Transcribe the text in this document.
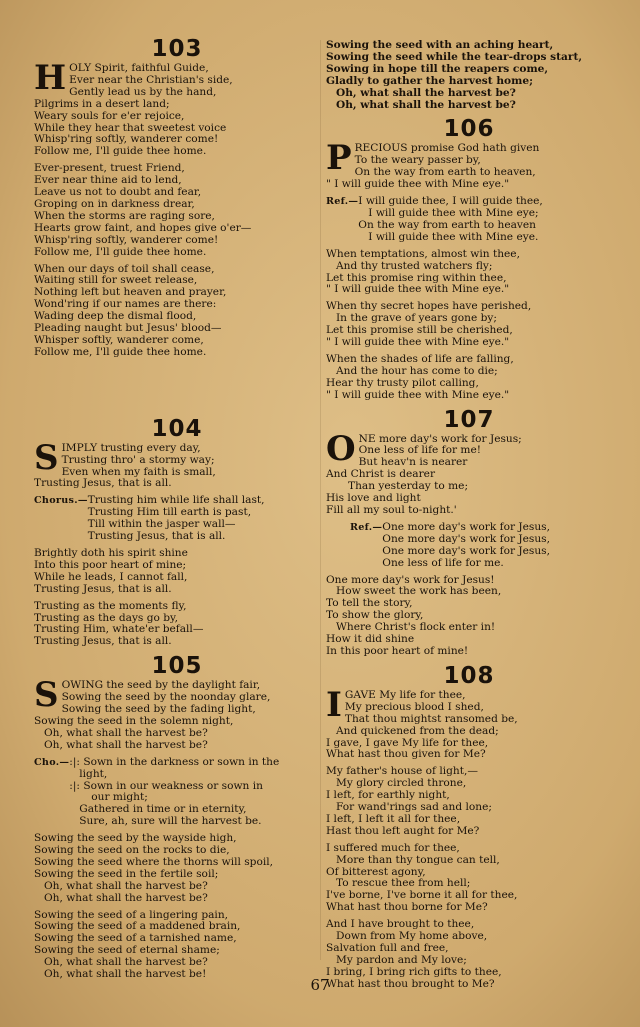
103
HOLY Spirit, faithful Guide,
Ever near the Christian's side,
Gently lead us by the hand,
Pilgrims in a desert land;
Weary souls for e'er rejoice,
While they hear that sweetest voice
Whisp'ring softly, wanderer come!
Follow me, I'll guide thee home.
Ever-present, truest Friend,
Ever near thine aid to lend,
Leave us not to doubt and fear,
Groping on in darkness drear,
When the storms are raging sore,
Hearts grow faint, and hopes give o'er—
Whisp'ring softly, wanderer come!
Follow me, I'll guide thee home.
When our days of toil shall cease,
Waiting still for sweet release,
Nothing left but heaven and prayer,
Wond'ring if our names are there:
Wading deep the dismal flood,
Pleading naught but Jesus' blood—
Whisper softly, wanderer come,
Follow me, I'll guide thee home.
104
SIMPLY trusting every day,
Trusting thro' a stormy way;
Even when my faith is small,
Trusting Jesus, that is all.
Chorus.— Trusting him while life shall last,
Trusting Him till earth is past,
Till within the jasper wall—
Trusting Jesus, that is all.
Brightly doth his spirit shine
Into this poor heart of mine;
While he leads, I cannot fall,
Trusting Jesus, that is all.
Trusting as the moments fly,
Trusting as the days go by,
Trusting Him, whate'er befall—
Trusting Jesus, that is all.
105
SOWING the seed by the daylight fair,
Sowing the seed by the noonday glare,
Sowing the seed by the fading light,
Sowing the seed in the solemn night,
Oh, what shall the harvest be?
Oh, what shall the harvest be?
Cho.— :|: Sown in the darkness or sown in the
light,
:|: Sown in our weakness or sown in
our might;
Gathered in time or in eternity,
Sure, ah, sure will the harvest be.
Sowing the seed by the wayside high,
Sowing the seed on the rocks to die,
Sowing the seed where the thorns will spoil,
Sowing the seed in the fertile soil;
Oh, what shall the harvest be?
Oh, what shall the harvest be?
Sowing the seed of a lingering pain,
Sowing the seed of a maddened brain,
Sowing the seed of a tarnished name,
Sowing the seed of eternal shame;
Oh, what shall the harvest be?
Oh, what shall the harvest be!
Sowing the seed with an aching heart,
Sowing the seed while the tear-drops start,
Sowing in hope till the reapers come,
Gladly to gather the harvest home;
Oh, what shall the harvest be?
Oh, what shall the harvest be?
106
PRECIOUS promise God hath given
To the weary passer by,
On the way from earth to heaven,
" I will guide thee with Mine eye."
Ref.— I will guide thee, I will guide thee,
I will guide thee with Mine eye;
On the way from earth to heaven
I will guide thee with Mine eye.
When temptations, almost win thee,
And thy trusted watchers fly;
Let this promise ring within thee,
" I will guide thee with Mine eye."
When thy secret hopes have perished,
In the grave of years gone by;
Let this promise still be cherished,
" I will guide thee with Mine eye."
When the shades of life are falling,
And the hour has come to die;
Hear thy trusty pilot calling,
" I will guide thee with Mine eye."
107
ONE more day's work for Jesus;
One less of life for me!
But heav'n is nearer
And Christ is dearer
Than yesterday to me;
His love and light
Fill all my soul to-night.'
Ref.— One more day's work for Jesus,
One more day's work for Jesus,
One more day's work for Jesus,
One less of life for me.
One more day's work for Jesus!
How sweet the work has been,
To tell the story,
To show the glory,
Where Christ's flock enter in!
How it did shine
In this poor heart of mine!
108
IGAVE My life for thee,
My precious blood I shed,
That thou mightst ransomed be,
And quickened from the dead;
I gave, I gave My life for thee,
What hast thou given for Me?
My father's house of light,—
My glory circled throne,
I left, for earthly night,
For wand'rings sad and lone;
I left, I left it all for thee,
Hast thou left aught for Me?
I suffered much for thee,
More than thy tongue can tell,
Of bitterest agony,
To rescue thee from hell;
I've borne, I've borne it all for thee,
What hast thou borne for Me?
And I have brought to thee,
Down from My home above,
Salvation full and free,
My pardon and My love;
I bring, I bring rich gifts to thee,
What hast thou brought to Me?
67
